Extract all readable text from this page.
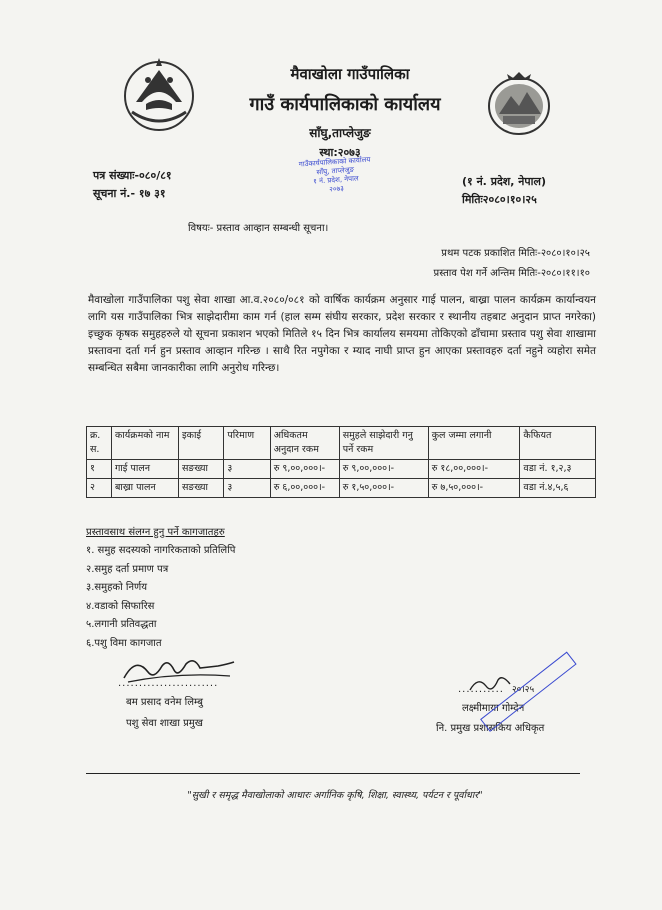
मैवाखोला गाउँपालिका
गाउँ कार्यपालिकाको कार्यालय
साँघु,ताप्लेजुङ
स्था:२०७३
गाउँकार्यपालिकाको कार्यालय
साँघु, ताप्लेजुङ
१ नं. प्रदेश, नेपाल
२०७३
पत्र संख्याः-०८०/८१
सूचना नं.- १७ ३१
(१ नं. प्रदेश, नेपाल)
मितिः२०८०।१०।२५
विषयः- प्रस्ताव आव्हान सम्बन्धी सूचना।
प्रथम पटक प्रकाशित मितिः-२०८०।१०।२५
प्रस्ताव पेश गर्ने अन्तिम मितिः-२०८०।११।१०
मैवाखोला गाउँपालिका पशु सेवा शाखा आ.व.२०८०/०८१ को वार्षिक कार्यक्रम अनुसार गाई पालन, बाख्रा पालन कार्यक्रम कार्यान्वयन लागि यस गाउँपालिका भित्र साझेदारीमा काम गर्न (हाल सम्म संघीय सरकार, प्रदेश सरकार र स्थानीय तहबाट अनुदान प्राप्त नगरेका) इच्छुक कृषक समुहहरुले यो सूचना प्रकाशन भएको मितिले १५ दिन भित्र कार्यालय समयमा तोकिएको ढाँचामा प्रस्ताव पशु सेवा शाखामा प्रस्तावना दर्ता गर्न हुन प्रस्ताव आव्हान गरिन्छ । साथै रित नपुगेका र म्याद नाघी प्राप्त हुन आएका प्रस्तावहरु दर्ता नहुने व्यहोरा समेत सम्बन्धित सबैमा जानकारीका लागि अनुरोध गरिन्छ।
क्र. स.	कार्यक्रमको नाम	इकाई	परिमाण	अधिकतम अनुदान रकम	समुहले साझेदारी गनु पर्ने रकम	कुल जम्मा लगानी	कैफियत
१	गाई पालन	सङख्या	३	रु ९,००,०००।-	रु ९,००,०००।-	रु १८,००,०००।-	वडा नं. १,२,३
२	बाख्रा पालन	सङख्या	३	रु ६,००,०००।-	रु १,५०,०००।-	रु ७,५०,०००।-	वडा नं.४,५,६
प्रस्तावसाथ संलग्न हुनु पर्ने कागजातहरु
१. समुह सदस्यको नागरिकताको प्रतिलिपि
२.समुह दर्ता प्रमाण पत्र
३.समुहको निर्णय
४.वडाको सिफारिस
५.लगानी प्रतिवद्धता
६.पशु विमा कागजात
........................
बम प्रसाद वनेम लिम्बु
पशु सेवा शाखा प्रमुख
२०।२५
...........
लक्ष्मीमाया गोम्देन
नि. प्रमुख प्रशासकिय अधिकृत

"सुखी र समृद्ध मैवाखोलाको आधारः अर्गानिक कृषि, शिक्षा, स्वास्थ्य, पर्यटन र पूर्वाधार"
